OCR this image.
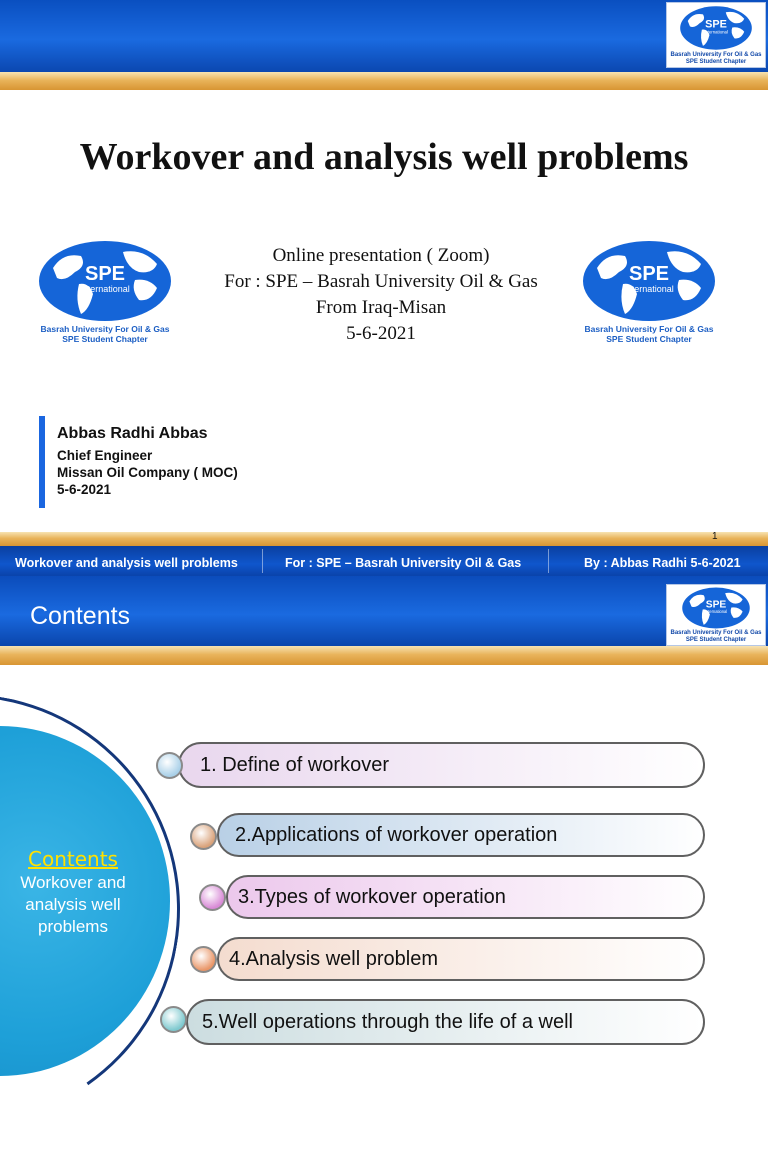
SPE
International
Basrah University For Oil & Gas
SPE Student Chapter
Workover and analysis well problems
SPE
International
Basrah University For Oil & Gas
SPE Student Chapter
Online presentation ( Zoom)
For : SPE – Basrah University Oil & Gas
From Iraq-Misan
5-6-2021
SPE
International
Basrah University For Oil & Gas
SPE Student Chapter
Abbas Radhi Abbas
Chief Engineer
Missan Oil Company ( MOC)
5-6-2021
1
Workover and analysis well problems	For : SPE – Basrah University Oil & Gas	By : Abbas Radhi 5-6-2021
Contents	SPE
International
Basrah University For Oil & Gas
SPE Student Chapter
Contents
Workover and
analysis well
problems
1. Define of workover
2.Applications of workover operation
3.Types of workover operation
4.Analysis well problem
5.Well operations through the life of a well
